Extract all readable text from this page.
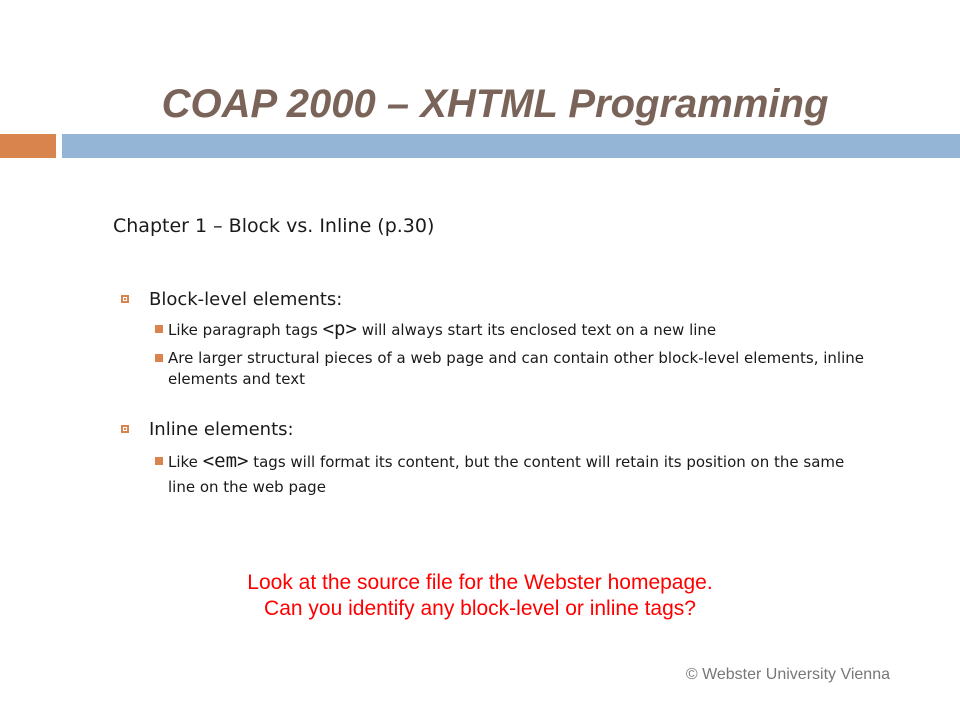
COAP 2000 – XHTML Programming

Chapter 1 – Block vs. Inline (p.30)

Block-level elements:
Like paragraph tags <p> will always start its enclosed text on a new line
Are larger structural pieces of a web page and can contain other block-level elements, inline elements and text
Inline elements:
Like <em> tags will format its content, but the content will retain its position on the same line on the web page

Look at the source file for the Webster homepage.
Can you identify any block-level or inline tags?

© Webster University Vienna
